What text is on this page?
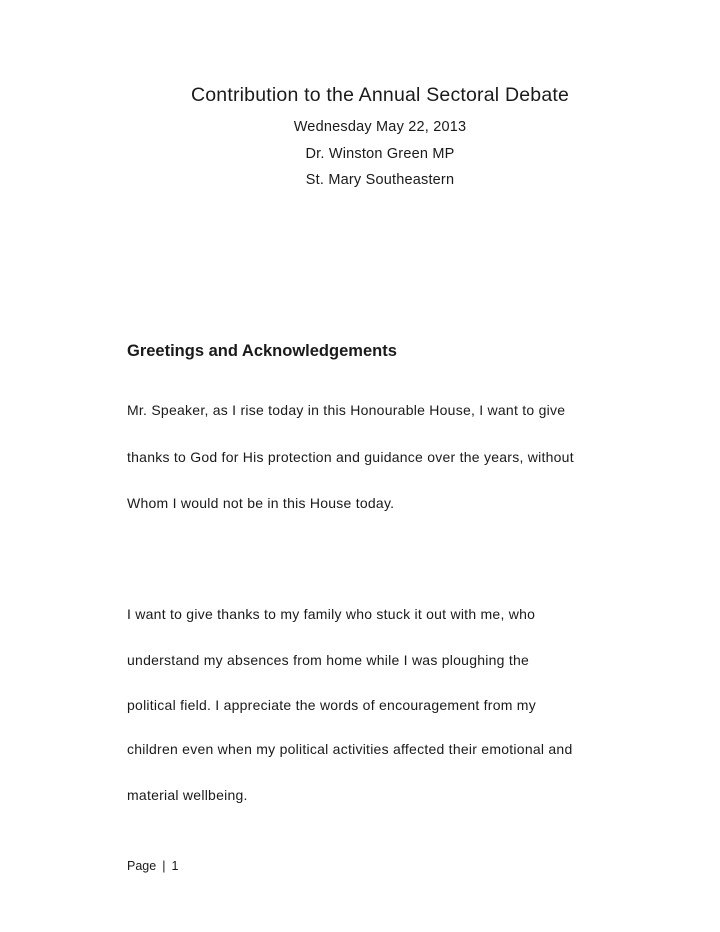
Contribution to the Annual Sectoral Debate
Wednesday May 22, 2013
Dr. Winston Green MP
St. Mary Southeastern
Greetings and Acknowledgements
Mr. Speaker, as I rise today in this Honourable House, I want to give
thanks to God for His protection and guidance over the years, without
Whom I would not be in this House today.
I want to give thanks to my family who stuck it out with me, who
understand my absences from home while I was ploughing the
political field. I appreciate the words of encouragement from my
children even when my political activities affected their emotional and
material wellbeing.
Page | 1
